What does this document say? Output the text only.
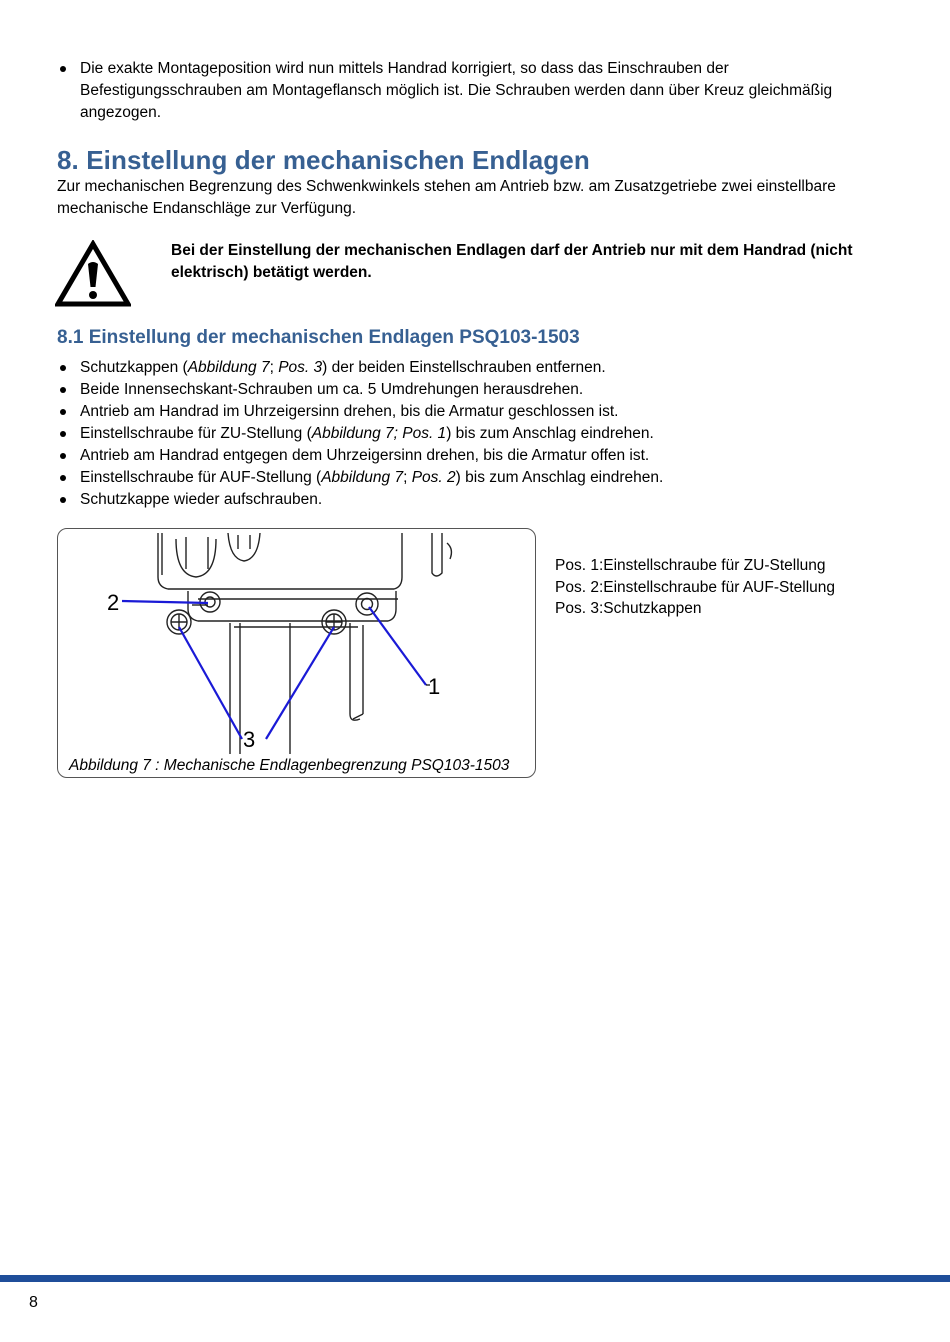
Die exakte Montageposition wird nun mittels Handrad korrigiert, so dass das Einschrauben der
Befestigungsschrauben am Montageflansch möglich ist. Die Schrauben werden dann über Kreuz gleichmäßig
angezogen.
8. Einstellung der mechanischen Endlagen
Zur mechanischen Begrenzung des Schwenkwinkels stehen am Antrieb bzw. am Zusatzgetriebe zwei einstellbare
mechanische Endanschläge zur Verfügung.
Bei der Einstellung der mechanischen Endlagen darf der Antrieb nur mit dem Handrad (nicht
elektrisch) betätigt werden.
8.1 Einstellung der mechanischen Endlagen PSQ103-1503
Schutzkappen (Abbildung 7; Pos. 3) der beiden Einstellschrauben entfernen.
Beide Innensechskant-Schrauben um ca. 5 Umdrehungen herausdrehen.
Antrieb am Handrad im Uhrzeigersinn drehen, bis die Armatur geschlossen ist.
Einstellschraube für ZU-Stellung (Abbildung 7; Pos. 1) bis zum Anschlag eindrehen.
Antrieb am Handrad entgegen dem Uhrzeigersinn drehen, bis die Armatur offen ist.
Einstellschraube für AUF-Stellung (Abbildung 7; Pos. 2) bis zum Anschlag eindrehen.
Schutzkappe wieder aufschrauben.
2
1
3
Abbildung 7 : Mechanische Endlagenbegrenzung PSQ103-1503
Pos. 1:Einstellschraube für ZU-Stellung
Pos. 2:Einstellschraube für AUF-Stellung
Pos. 3:Schutzkappen
8
